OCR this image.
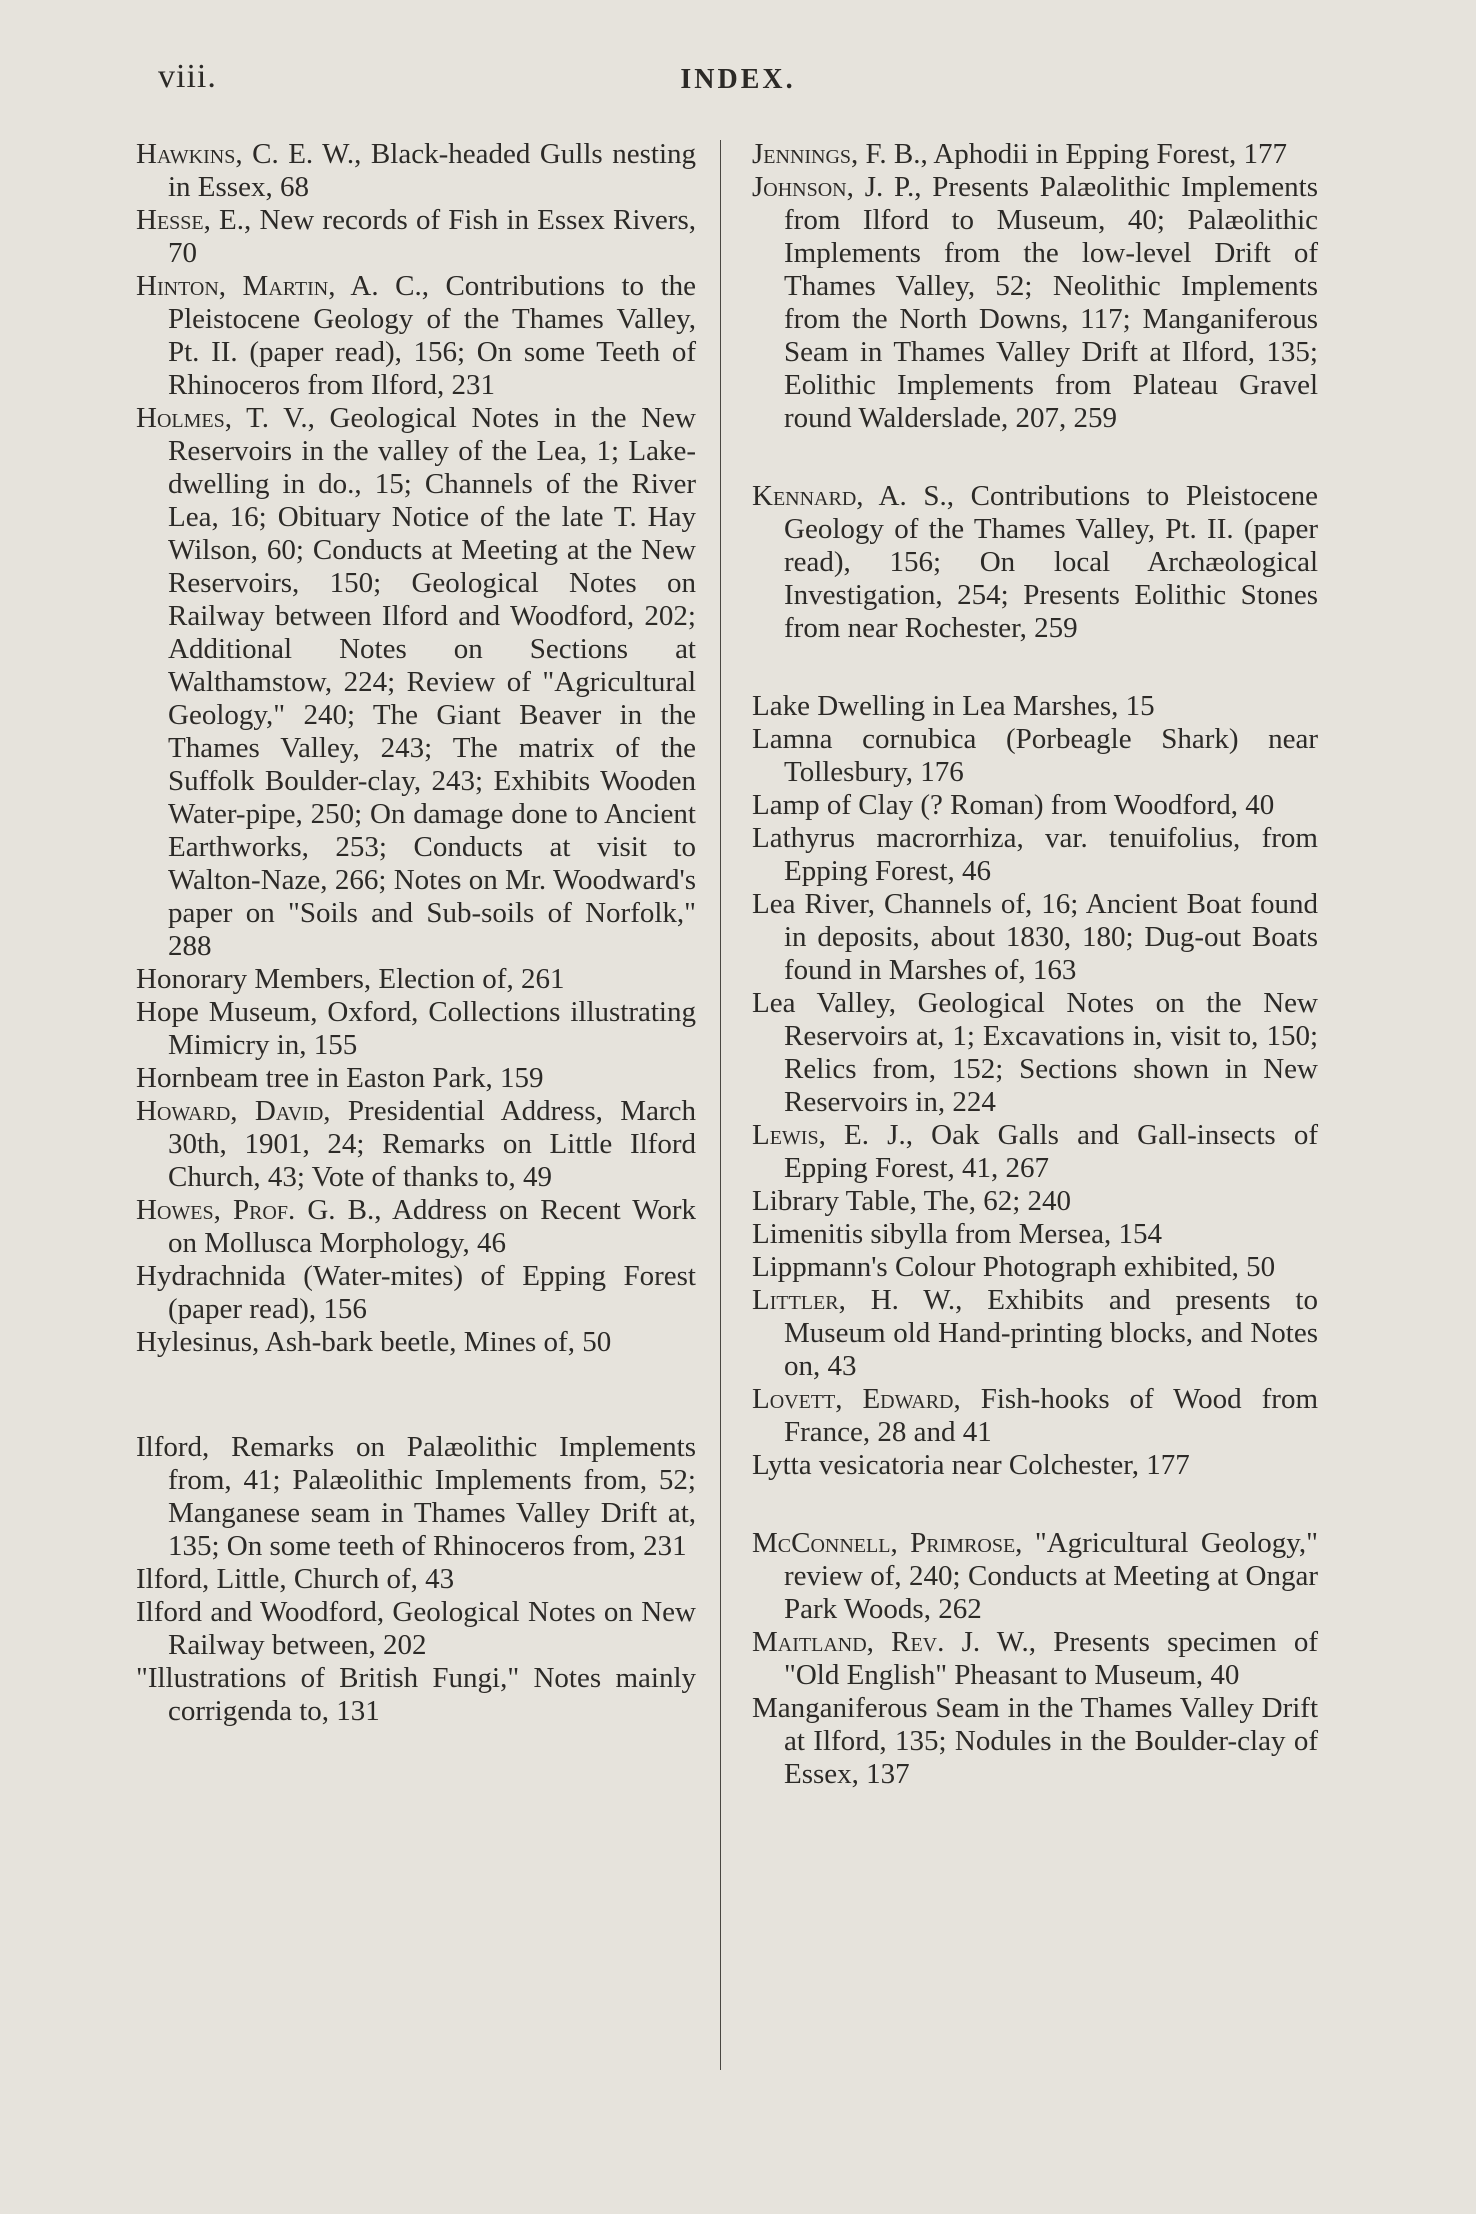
viii.	INDEX.
Hawkins, C. E. W., Black-headed Gulls nesting in Essex, 68
Hesse, E., New records of Fish in Essex Rivers, 70
Hinton, Martin, A. C., Contributions to the Pleistocene Geology of the Thames Valley, Pt. II. (paper read), 156; On some Teeth of Rhinoceros from Ilford, 231
Holmes, T. V., Geological Notes in the New Reservoirs in the valley of the Lea, 1; Lake-dwelling in do., 15; Channels of the River Lea, 16; Obituary Notice of the late T. Hay Wilson, 60; Conducts at Meeting at the New Reservoirs, 150; Geological Notes on Railway between Ilford and Woodford, 202; Additional Notes on Sections at Walthamstow, 224; Review of "Agricultural Geology," 240; The Giant Beaver in the Thames Valley, 243; The matrix of the Suffolk Boulder-clay, 243; Exhibits Wooden Water-pipe, 250; On damage done to Ancient Earthworks, 253; Conducts at visit to Walton-Naze, 266; Notes on Mr. Woodward's paper on "Soils and Sub-soils of Norfolk," 288
Honorary Members, Election of, 261
Hope Museum, Oxford, Collections illustrating Mimicry in, 155
Hornbeam tree in Easton Park, 159
Howard, David, Presidential Address, March 30th, 1901, 24; Remarks on Little Ilford Church, 43; Vote of thanks to, 49
Howes, Prof. G. B., Address on Recent Work on Mollusca Morphology, 46
Hydrachnida (Water-mites) of Epping Forest (paper read), 156
Hylesinus, Ash-bark beetle, Mines of, 50
Ilford, Remarks on Palæolithic Implements from, 41; Palæolithic Implements from, 52; Manganese seam in Thames Valley Drift at, 135; On some teeth of Rhinoceros from, 231
Ilford, Little, Church of, 43
Ilford and Woodford, Geological Notes on New Railway between, 202
"Illustrations of British Fungi," Notes mainly corrigenda to, 131
Jennings, F. B., Aphodii in Epping Forest, 177
Johnson, J. P., Presents Palæolithic Implements from Ilford to Museum, 40; Palæolithic Implements from the low-level Drift of Thames Valley, 52; Neolithic Implements from the North Downs, 117; Manganiferous Seam in Thames Valley Drift at Ilford, 135; Eolithic Implements from Plateau Gravel round Walderslade, 207, 259
Kennard, A. S., Contributions to Pleistocene Geology of the Thames Valley, Pt. II. (paper read), 156; On local Archæological Investigation, 254; Presents Eolithic Stones from near Rochester, 259
Lake Dwelling in Lea Marshes, 15
Lamna cornubica (Porbeagle Shark) near Tollesbury, 176
Lamp of Clay (? Roman) from Woodford, 40
Lathyrus macrorrhiza, var. tenuifolius, from Epping Forest, 46
Lea River, Channels of, 16; Ancient Boat found in deposits, about 1830, 180; Dug-out Boats found in Marshes of, 163
Lea Valley, Geological Notes on the New Reservoirs at, 1; Excavations in, visit to, 150; Relics from, 152; Sections shown in New Reservoirs in, 224
Lewis, E. J., Oak Galls and Gall-insects of Epping Forest, 41, 267
Library Table, The, 62; 240
Limenitis sibylla from Mersea, 154
Lippmann's Colour Photograph exhibited, 50
Littler, H. W., Exhibits and presents to Museum old Hand-printing blocks, and Notes on, 43
Lovett, Edward, Fish-hooks of Wood from France, 28 and 41
Lytta vesicatoria near Colchester, 177
McConnell, Primrose, "Agricultural Geology," review of, 240; Conducts at Meeting at Ongar Park Woods, 262
Maitland, Rev. J. W., Presents specimen of "Old English" Pheasant to Museum, 40
Manganiferous Seam in the Thames Valley Drift at Ilford, 135; Nodules in the Boulder-clay of Essex, 137
